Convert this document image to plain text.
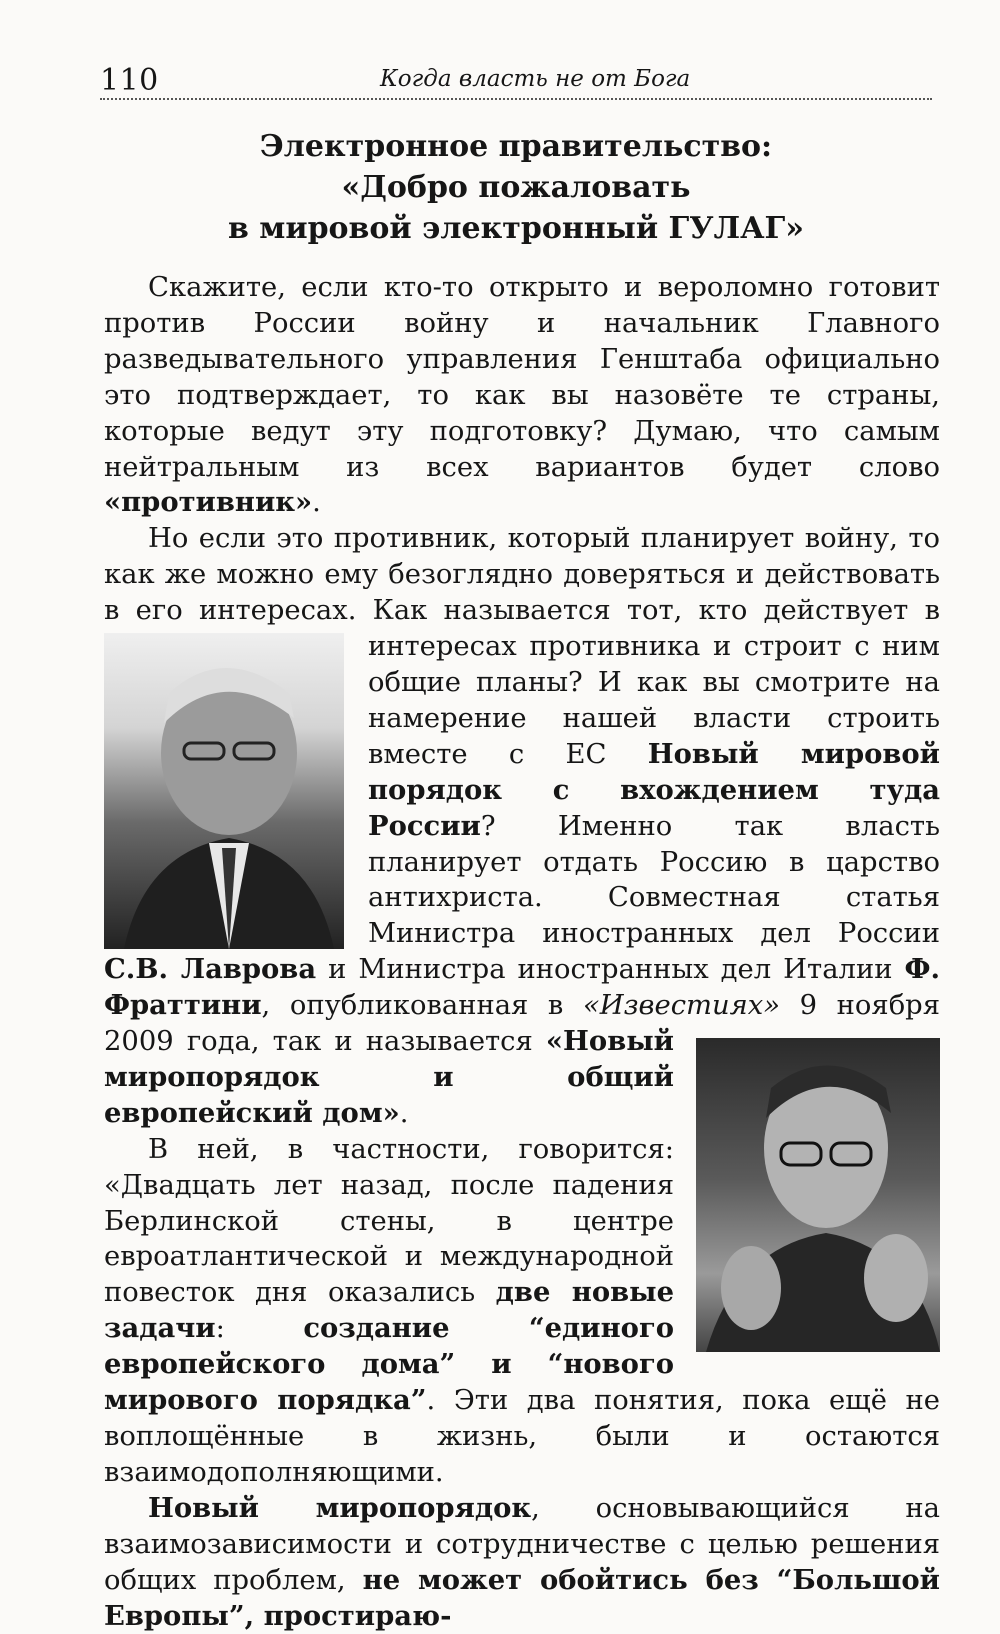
110	Когда власть не от Бога
Электронное правительство:
«Добро пожаловать
в мировой электронный ГУЛАГ»

Скажите, если кто-то открыто и вероломно готовит против России войну и начальник Главного разведывательного управления Генштаба официально это подтверждает, то как вы назовёте те страны, которые ведут эту подготовку? Думаю, что самым нейтральным из всех вариантов будет слово «противник».

Но если это противник, который планирует войну, то как же можно ему безоглядно доверяться и действовать в его интересах. Как называется тот, кто действует в интересах
противника и строит с ним общие планы? И как вы смотрите на намерение нашей власти строить вместе с ЕС Новый мировой порядок с вхождением туда России? Именно так власть планирует отдать Россию в царство антихриста. Совместная статья Министра иностранных дел России С.В. Лаврова и Министра иностранных дел Италии Ф. Фраттини, опубликованная в «Известиях» 9 ноября 2009 года, так и называется «Новый миропорядок и общий европейский дом».

В ней, в частности, говорится: «Двадцать лет назад, после падения Берлинской стены, в центре евроатлантической и международной повесток дня оказались две новые задачи: создание “единого европейского дома” и “нового мирового порядка”. Эти два понятия, пока ещё не воплощённые в жизнь, были и остаются взаимодополняющими.

Новый миропорядок, основывающийся на взаимозависимости и сотрудничестве с целью решения общих проблем, не может обойтись без “Большой Европы”, простираю-
